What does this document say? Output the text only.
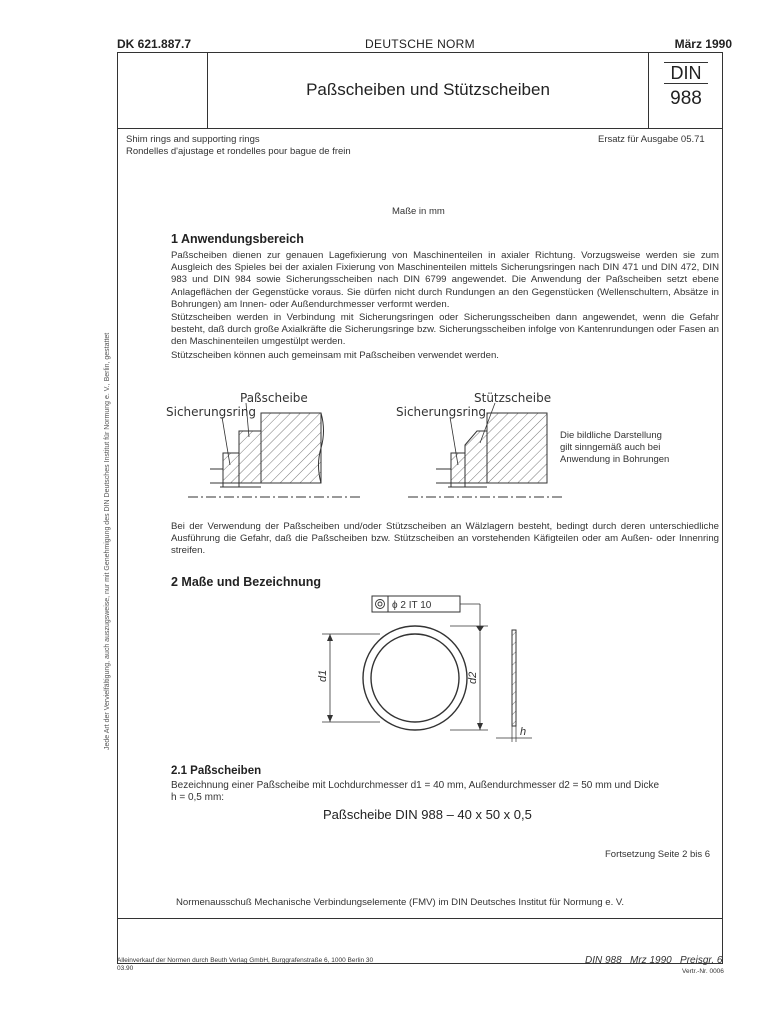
DK 621.887.7	DEUTSCHE NORM	März 1990
Paßscheiben und Stützscheiben
DIN
988
Shim rings and supporting rings
Rondelles d'ajustage et rondelles pour bague de frein
Ersatz für Ausgabe 05.71
Maße in mm
1 Anwendungsbereich

Paßscheiben dienen zur genauen Lagefixierung von Maschinenteilen in axialer Richtung. Vorzugsweise werden sie zum Ausgleich des Spieles bei der axialen Fixierung von Maschinenteilen mittels Sicherungsringen nach DIN 471 und DIN 472, DIN 983 und DIN 984 sowie Sicherungsscheiben nach DIN 6799 angewendet. Die Anwendung der Paßscheiben setzt ebene Anlageflächen der Gegenstücke voraus. Sie dürfen nicht durch Rundungen an den Gegenstücken (Wellenschultern, Absätze in Bohrungen) am Innen- oder Außendurchmesser verformt werden.

Stützscheiben werden in Verbindung mit Sicherungsringen oder Sicherungsscheiben dann angewendet, wenn die Gefahr besteht, daß durch große Axialkräfte die Sicherungsringe bzw. Sicherungsscheiben infolge von Kantenrundungen oder Fasen an den Maschinenteilen umgestülpt werden.

Stützscheiben können auch gemeinsam mit Paßscheiben verwendet werden.

Paßscheibe
Sicherungsring
Stützscheibe
Sicherungsring
Die bildliche Darstellung
gilt sinngemäß auch bei
Anwendung in Bohrungen
Bei der Verwendung der Paßscheiben und/oder Stützscheiben an Wälzlagern besteht, bedingt durch deren unterschiedliche Ausführung die Gefahr, daß die Paßscheiben bzw. Stützscheiben an vorstehenden Käfigteilen oder am Außen- oder Innenring streifen.
2 Maße und Bezeichnung
ϕ 2 IT 10
d1	d2
h
2.1 Paßscheiben
Bezeichnung einer Paßscheibe mit Lochdurchmesser d1 = 40 mm, Außendurchmesser d2 = 50 mm und Dicke
h = 0,5 mm:
Paßscheibe DIN 988 – 40 x 50 x 0,5
Fortsetzung Seite 2 bis 6
Normenausschuß Mechanische Verbindungselemente (FMV) im DIN Deutsches Institut für Normung e. V.
Alleinverkauf der Normen durch Beuth Verlag GmbH, Burggrafenstraße 6, 1000 Berlin 30
03.90
DIN 988   Mrz 1990   Preisgr. 6
Vertr.-Nr. 0006
Jede Art der Vervielfältigung, auch auszugsweise, nur mit Genehmigung des DIN Deutsches Institut für Normung e. V., Berlin, gestattet
